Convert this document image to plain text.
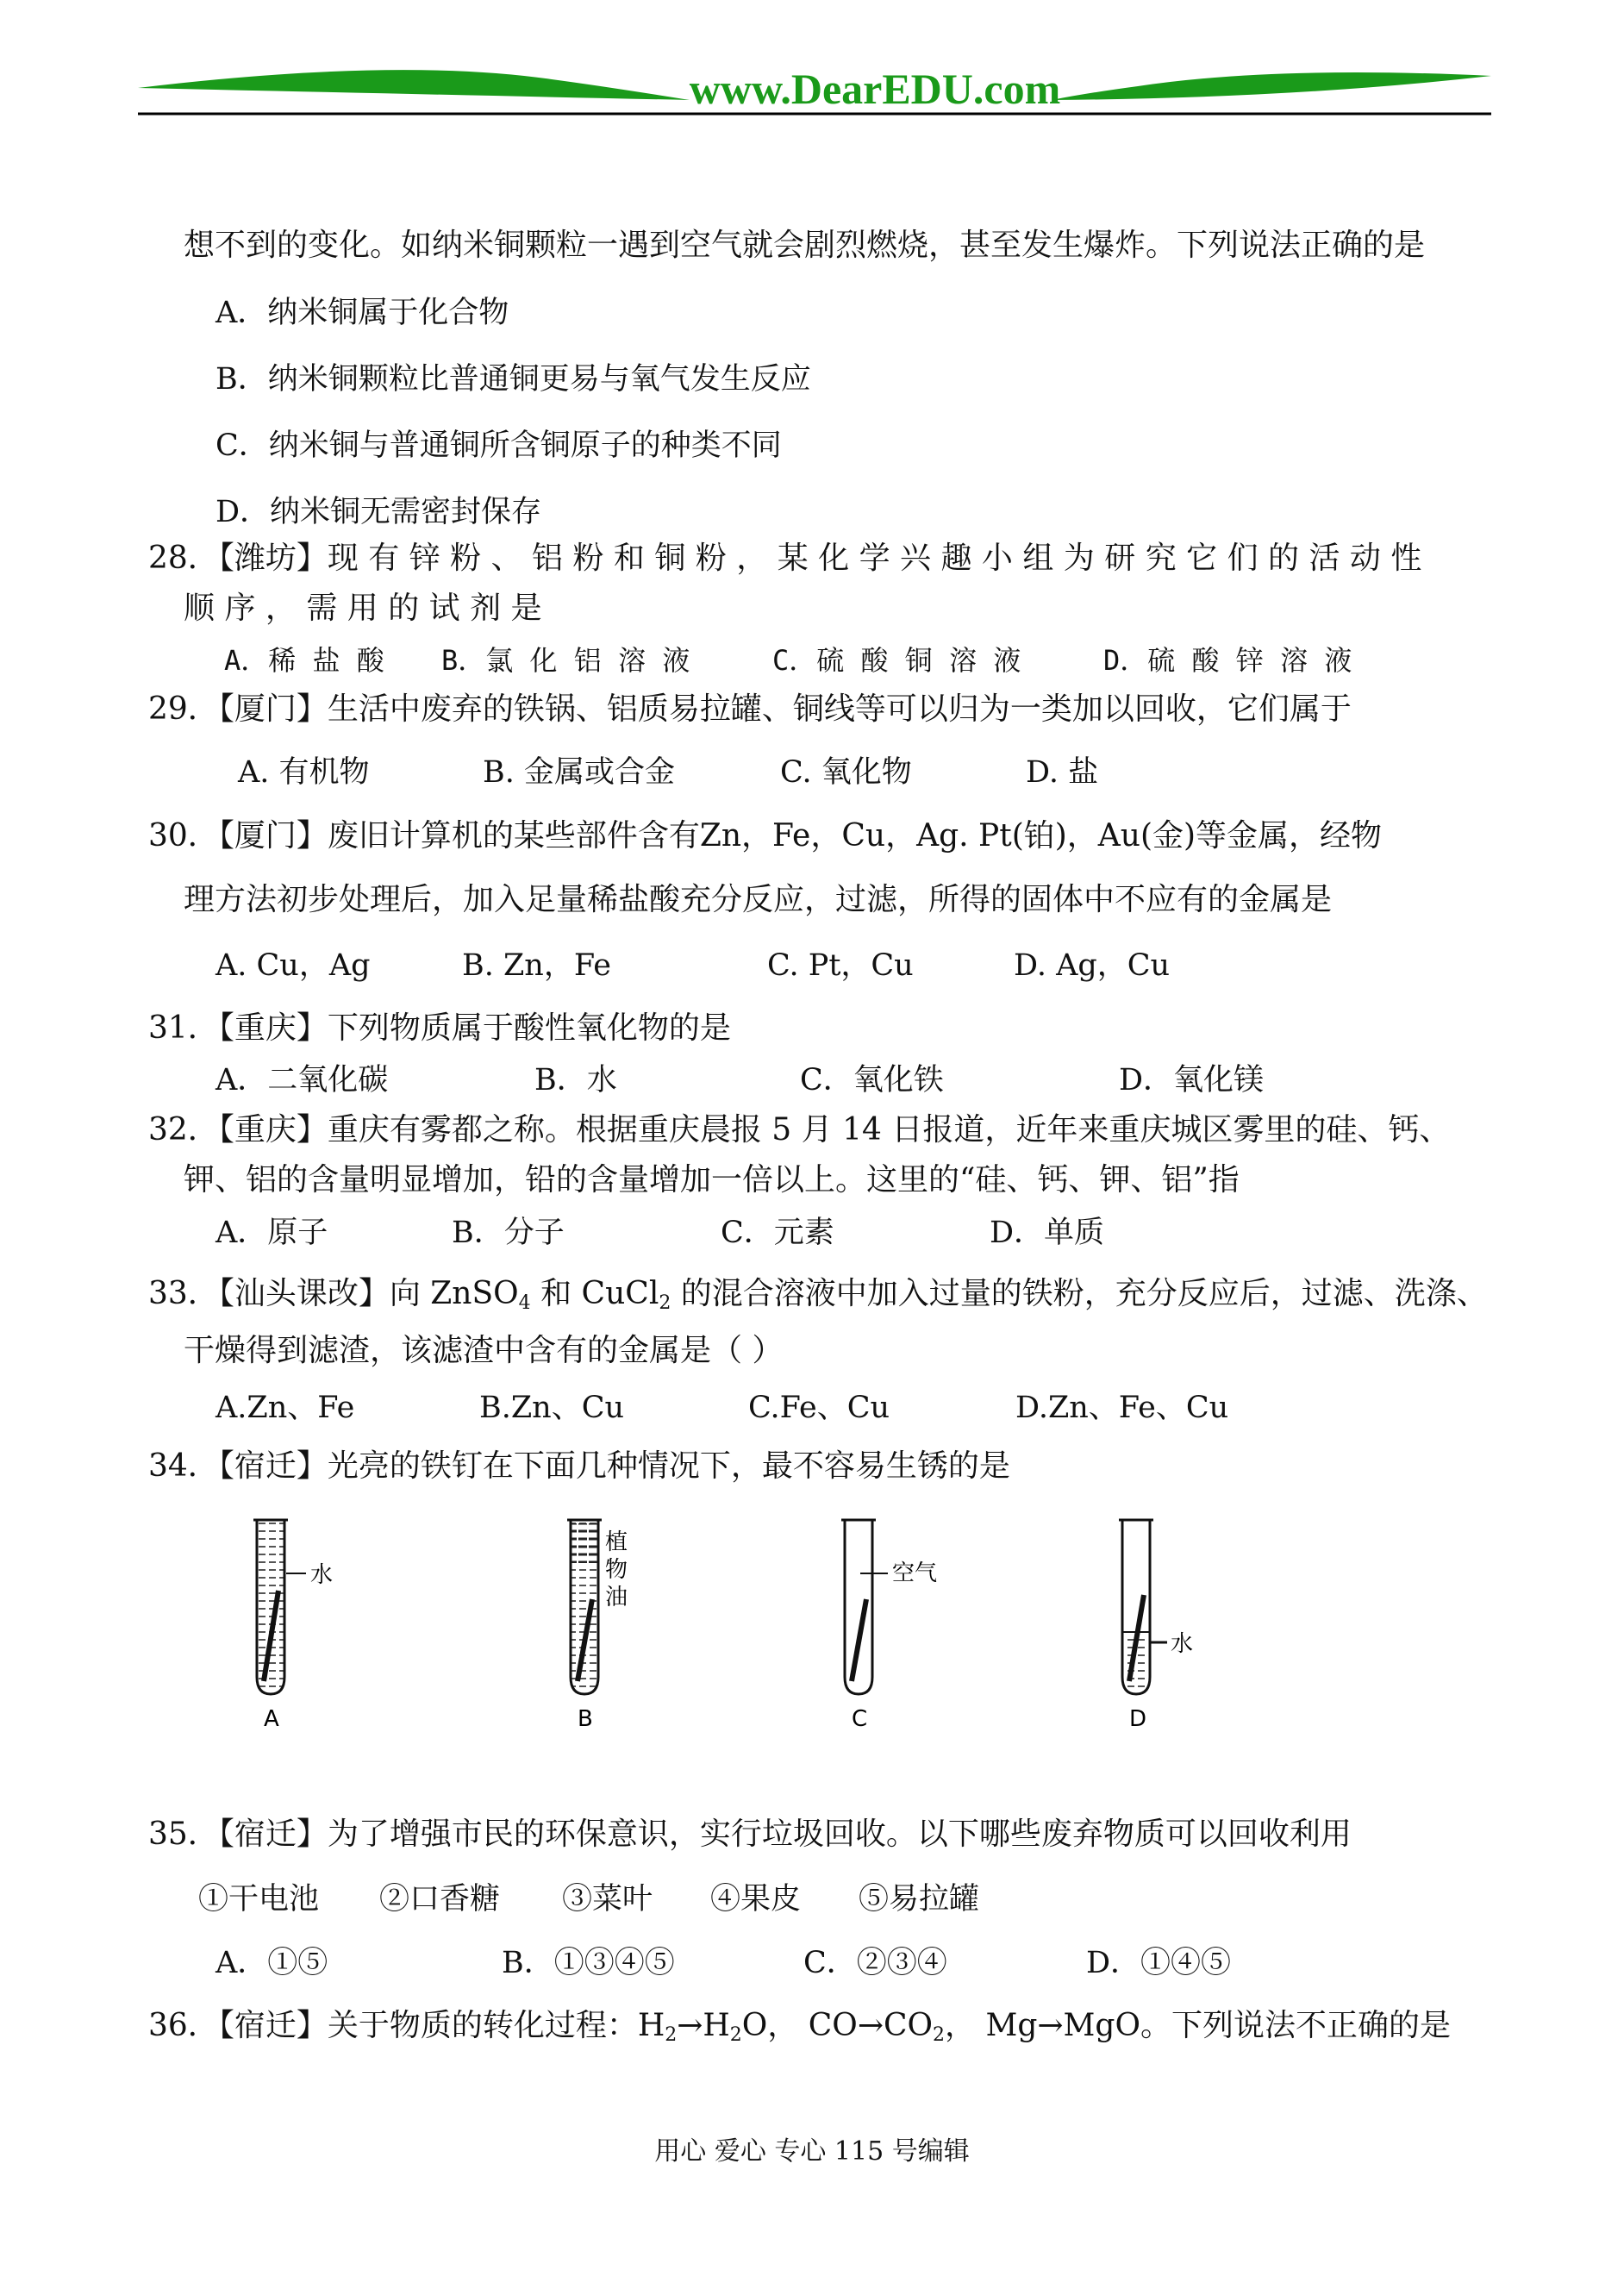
www.DearEDU.com
想不到的变化。如纳米铜颗粒一遇到空气就会剧烈燃烧，甚至发生爆炸。下列说法正确的是
A．纳米铜属于化合物
B．纳米铜颗粒比普通铜更易与氧气发生反应
C．纳米铜与普通铜所含铜原子的种类不同
D．纳米铜无需密封保存
28．【潍坊】现 有 锌 粉 、 铝 粉 和 铜 粉 ， 某 化 学 兴 趣 小 组 为 研 究 它 们 的 活 动 性
顺 序 ， 需 用 的 试 剂 是
A．稀 盐 酸 B．氯 化 铝 溶 液	C．硫 酸 铜 溶 液	D．硫 酸 锌 溶 液
29．【厦门】生活中废弃的铁锅、铝质易拉罐、铜线等可以归为一类加以回收，它们属于
A. 有机物	B. 金属或合金	C. 氧化物	D. 盐
30．【厦门】废旧计算机的某些部件含有Zn，Fe，Cu，Ag. Pt(铂)，Au(金)等金属，经物
理方法初步处理后，加入足量稀盐酸充分反应，过滤，所得的固体中不应有的金属是
A. Cu，Ag	B. Zn，Fe	C. Pt，Cu	D. Ag，Cu
31．【重庆】下列物质属于酸性氧化物的是
A．二氧化碳	B．水	C．氧化铁	D．氧化镁
32．【重庆】重庆有雾都之称。根据重庆晨报 5 月 14 日报道，近年来重庆城区雾里的硅、钙、
钾、铝的含量明显增加，铅的含量增加一倍以上。这里的“硅、钙、钾、铝”指
A．原子	B．分子	C．元素	D．单质
33．【汕头课改】向 ZnSO$_4$ 和 CuCl$_2$ 的混合溶液中加入过量的铁粉，充分反应后，过滤、洗涤、
干燥得到滤渣，该滤渣中含有的金属是（ ）
A.Zn、Fe	B.Zn、Cu	C.Fe、Cu	D.Zn、Fe、Cu
34．【宿迁】光亮的铁钉在下面几种情况下，最不容易生锈的是
水
A
植
物
油
B
空气
C
水
D
35．【宿迁】为了增强市民的环保意识，实行垃圾回收。以下哪些废弃物质可以回收利用
①干电池 ②口香糖 ③菜叶 ④果皮 ⑤易拉罐
A．①⑤	B．①③④⑤	C．②③④	D．①④⑤
36．【宿迁】关于物质的转化过程：$H_2\to H_2O$， $CO\to CO_2$， Mg→MgO。下列说法不正确的是
用心 爱心 专心 115 号编辑
